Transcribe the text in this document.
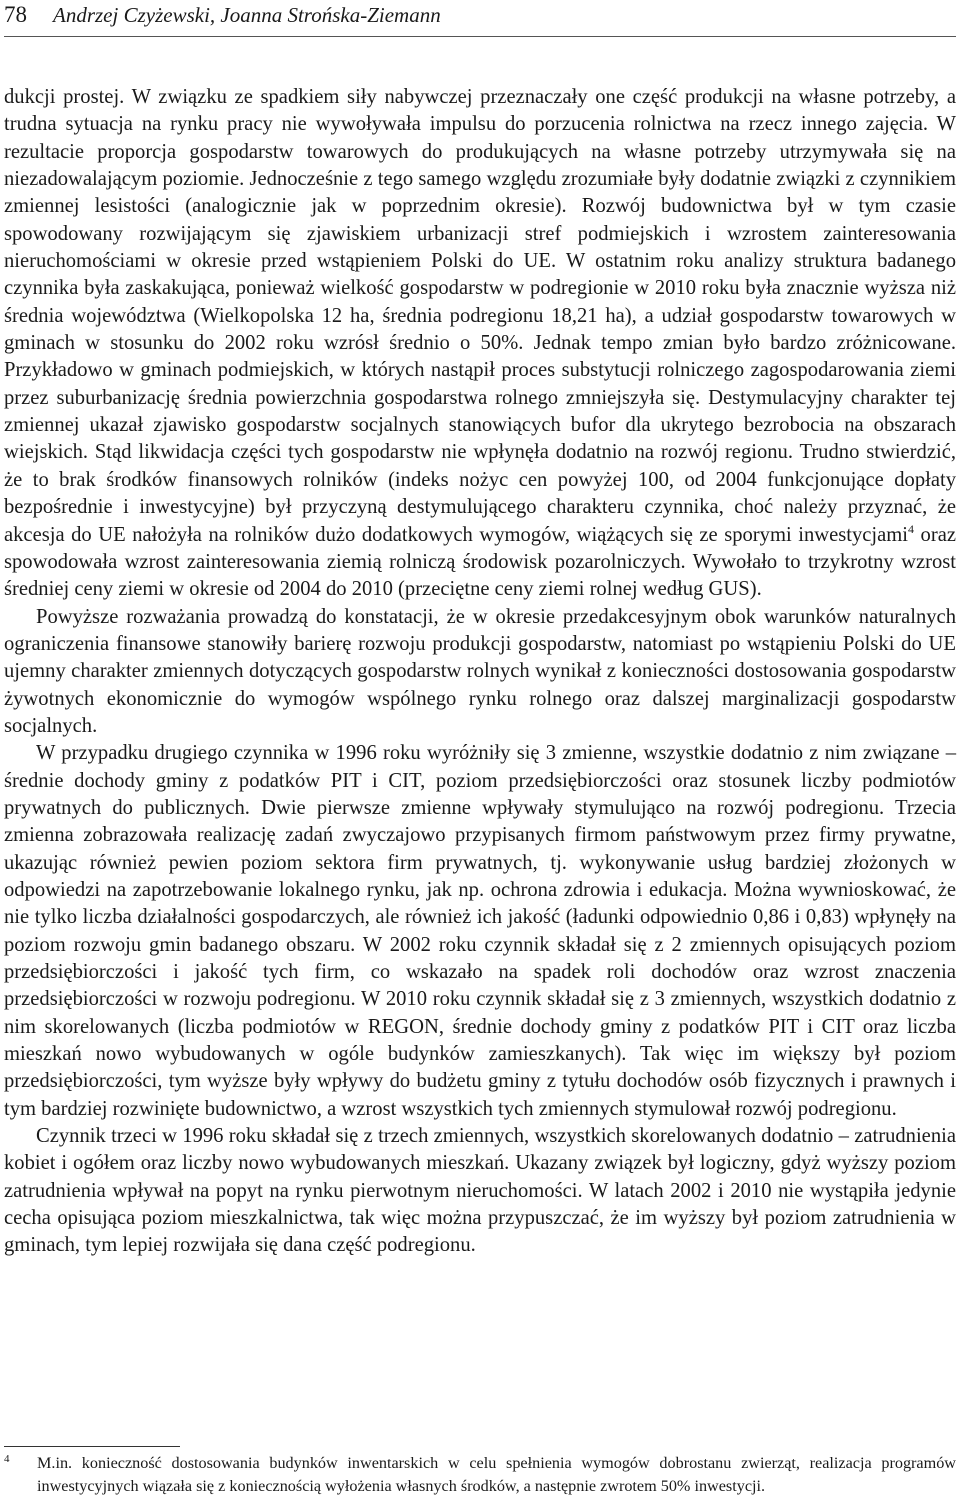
78 Andrzej Czyżewski, Joanna Strońska-Ziemann

dukcji prostej. W związku ze spadkiem siły nabywczej przeznaczały one część produkcji na własne potrzeby, a trudna sytuacja na rynku pracy nie wywoływała impulsu do porzucenia rolnictwa na rzecz innego zajęcia. W rezultacie proporcja gospodarstw towarowych do produkujących na własne potrzeby utrzymywała się na niezadowalającym poziomie. Jednocześnie z tego samego względu zrozumiałe były dodatnie związki z czynnikiem zmiennej lesistości (analogicznie jak w poprzednim okresie). Rozwój budownictwa był w tym czasie spowodowany rozwijającym się zjawiskiem urbanizacji stref podmiejskich i wzrostem zainteresowania nieruchomościami w okresie przed wstąpieniem Polski do UE. W ostatnim roku analizy struktura badanego czynnika była zaskakująca, ponieważ wielkość gospodarstw w podregionie w 2010 roku była znacznie wyższa niż średnia województwa (Wielkopolska 12 ha, średnia podregionu 18,21 ha), a udział gospodarstw towarowych w gminach w stosunku do 2002 roku wzrósł średnio o 50%. Jednak tempo zmian było bardzo zróżnicowane. Przykładowo w gminach podmiejskich, w których nastąpił proces substytucji rolniczego zagospodarowania ziemi przez suburbanizację średnia powierzchnia gospodarstwa rolnego zmniejszyła się. Destymulacyjny charakter tej zmiennej ukazał zjawisko gospodarstw socjalnych stanowiących bufor dla ukrytego bezrobocia na obszarach wiejskich. Stąd likwidacja części tych gospodarstw nie wpłynęła dodatnio na rozwój regionu. Trudno stwierdzić, że to brak środków finansowych rolników (indeks nożyc cen powyżej 100, od 2004 funkcjonujące dopłaty bezpośrednie i inwestycyjne) był przyczyną destymulującego charakteru czynnika, choć należy przyznać, że akcesja do UE nałożyła na rolników dużo dodatkowych wymogów, wiążących się ze sporymi inwestycjami$^4$ oraz spowodowała wzrost zainteresowania ziemią rolniczą środowisk pozarolniczych. Wywołało to trzykrotny wzrost średniej ceny ziemi w okresie od 2004 do 2010 (przeciętne ceny ziemi rolnej według GUS).

Powyższe rozważania prowadzą do konstatacji, że w okresie przedakcesyjnym obok warunków naturalnych ograniczenia finansowe stanowiły barierę rozwoju produkcji gospodarstw, natomiast po wstąpieniu Polski do UE ujemny charakter zmiennych dotyczących gospodarstw rolnych wynikał z konieczności dostosowania gospodarstw żywotnych ekonomicznie do wymogów wspólnego rynku rolnego oraz dalszej marginalizacji gospodarstw socjalnych.

W przypadku drugiego czynnika w 1996 roku wyróżniły się 3 zmienne, wszystkie dodatnio z nim związane – średnie dochody gminy z podatków PIT i CIT, poziom przedsiębiorczości oraz stosunek liczby podmiotów prywatnych do publicznych. Dwie pierwsze zmienne wpływały stymulująco na rozwój podregionu. Trzecia zmienna zobrazowała realizację zadań zwyczajowo przypisanych firmom państwowym przez firmy prywatne, ukazując również pewien poziom sektora firm prywatnych, tj. wykonywanie usług bardziej złożonych w odpowiedzi na zapotrzebowanie lokalnego rynku, jak np. ochrona zdrowia i edukacja. Można wywnioskować, że nie tylko liczba działalności gospodarczych, ale również ich jakość (ładunki odpowiednio 0,86 i 0,83) wpłynęły na poziom rozwoju gmin badanego obszaru. W 2002 roku czynnik składał się z 2 zmiennych opisujących poziom przedsiębiorczości i jakość tych firm, co wskazało na spadek roli dochodów oraz wzrost znaczenia przedsiębiorczości w rozwoju podregionu. W 2010 roku czynnik składał się z 3 zmiennych, wszystkich dodatnio z nim skorelowanych (liczba podmiotów w REGON, średnie dochody gminy z podatków PIT i CIT oraz liczba mieszkań nowo wybudowanych w ogóle budynków zamieszkanych). Tak więc im większy był poziom przedsiębiorczości, tym wyższe były wpływy do budżetu gminy z tytułu dochodów osób fizycznych i prawnych i tym bardziej rozwinięte budownictwo, a wzrost wszystkich tych zmiennych stymulował rozwój podregionu.

Czynnik trzeci w 1996 roku składał się z trzech zmiennych, wszystkich skorelowanych dodatnio – zatrudnienia kobiet i ogółem oraz liczby nowo wybudowanych mieszkań. Ukazany związek był logiczny, gdyż wyższy poziom zatrudnienia wpływał na popyt na rynku pierwotnym nieruchomości. W latach 2002 i 2010 nie wystąpiła jedynie cecha opisująca poziom mieszkalnictwa, tak więc można przypuszczać, że im wyższy był poziom zatrudnienia w gminach, tym lepiej rozwijała się dana część podregionu.

4 M.in. konieczność dostosowania budynków inwentarskich w celu spełnienia wymogów dobrostanu zwierząt, realizacja programów inwestycyjnych wiązała się z koniecznością wyłożenia własnych środków, a następnie zwrotem 50% inwestycji.
